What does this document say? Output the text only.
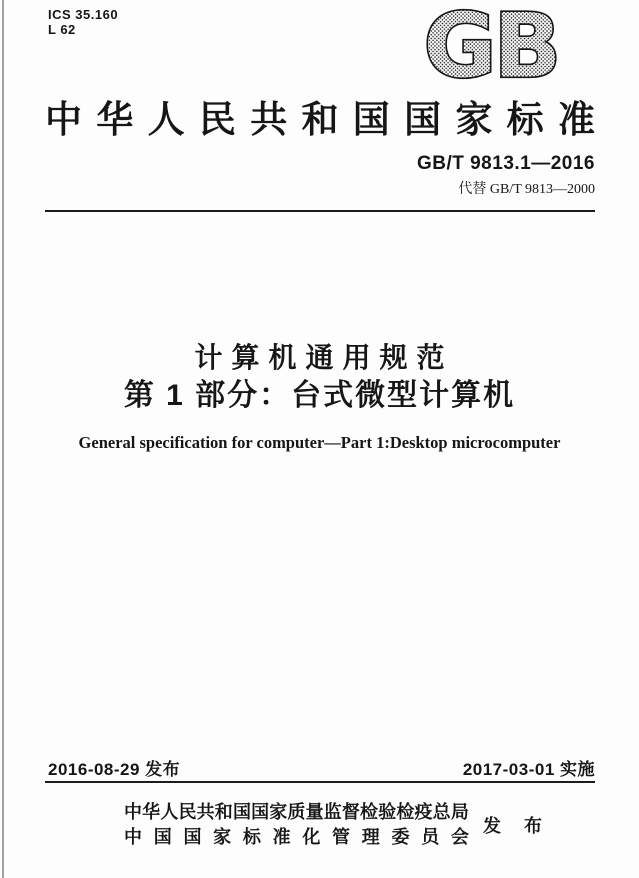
ICS 35.160
L 62	GB
中 华 人 民 共 和 国 国 家 标 准
GB/T 9813.1—2016
代替 GB/T 9813—2000
计算机通用规范
第 1 部分：台式微型计算机
General specification for computer—Part 1:Desktop microcomputer
2016-08-29 发布	2017-03-01 实施
中 华 人 民 共 和 国 国 家 质 量 监 督 检 验 检 疫 总 局
中 国 国 家 标 准 化 管 理 委 员 会
发 布
